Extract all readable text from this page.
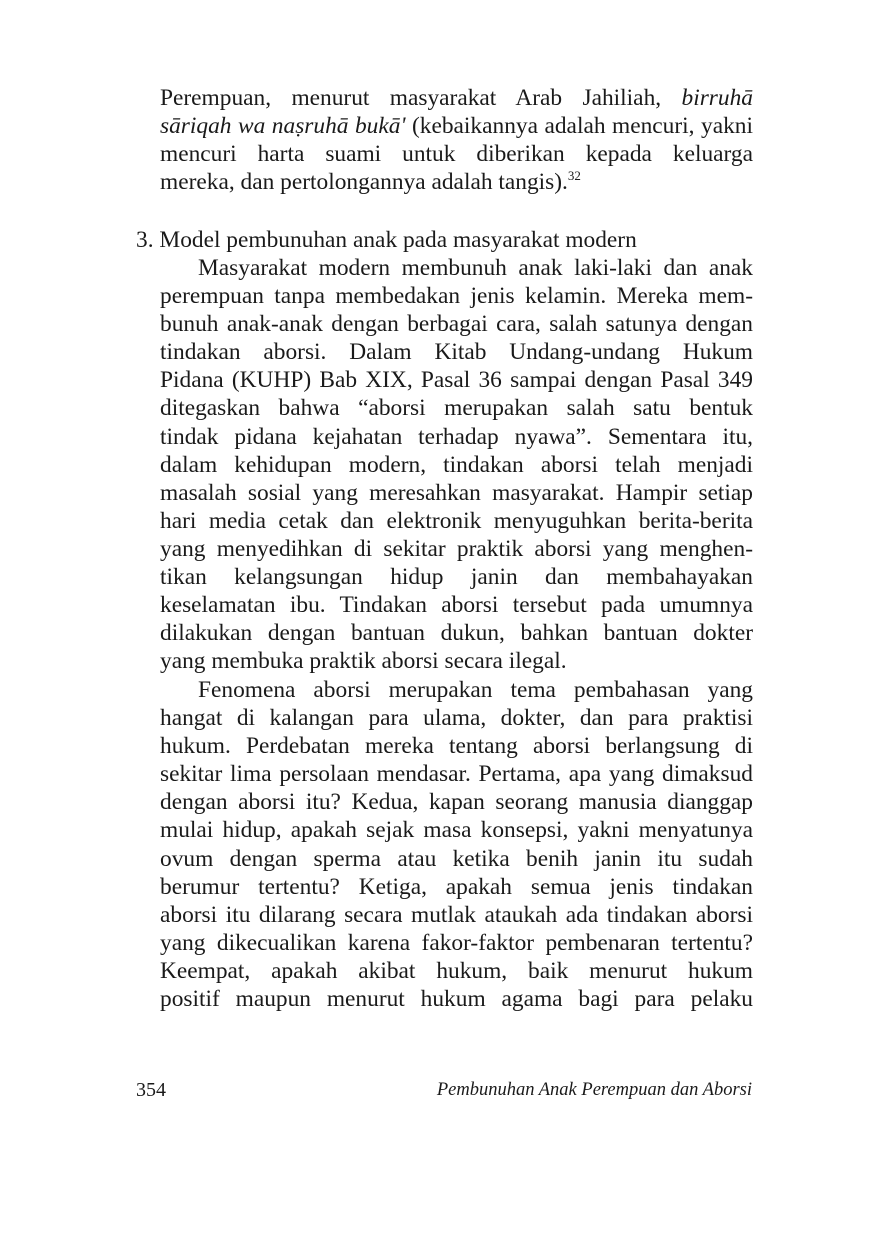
Perempuan, menurut masyarakat Arab Jahiliah, birruhā
sāriqah wa naṣruhā bukā' (kebaikannya adalah mencuri, yakni
mencuri harta suami untuk diberikan kepada keluarga
mereka, dan pertolongannya adalah tangis).$^{32}$
3. Model pembunuhan anak pada masyarakat modern
Masyarakat modern membunuh anak laki-laki dan anak
perempuan tanpa membedakan jenis kelamin. Mereka mem-
bunuh anak-anak dengan berbagai cara, salah satunya dengan
tindakan aborsi. Dalam Kitab Undang-undang Hukum
Pidana (KUHP) Bab XIX, Pasal 36 sampai dengan Pasal 349
ditegaskan bahwa “aborsi merupakan salah satu bentuk
tindak pidana kejahatan terhadap nyawa”. Sementara itu,
dalam kehidupan modern, tindakan aborsi telah menjadi
masalah sosial yang meresahkan masyarakat. Hampir setiap
hari media cetak dan elektronik menyuguhkan berita-berita
yang menyedihkan di sekitar praktik aborsi yang menghen-
tikan kelangsungan hidup janin dan membahayakan
keselamatan ibu. Tindakan aborsi tersebut pada umumnya
dilakukan dengan bantuan dukun, bahkan bantuan dokter
yang membuka praktik aborsi secara ilegal.
Fenomena aborsi merupakan tema pembahasan yang
hangat di kalangan para ulama, dokter, dan para praktisi
hukum. Perdebatan mereka tentang aborsi berlangsung di
sekitar lima persolaan mendasar. Pertama, apa yang dimaksud
dengan aborsi itu? Kedua, kapan seorang manusia dianggap
mulai hidup, apakah sejak masa konsepsi, yakni menyatunya
ovum dengan sperma atau ketika benih janin itu sudah
berumur tertentu? Ketiga, apakah semua jenis tindakan
aborsi itu dilarang secara mutlak ataukah ada tindakan aborsi
yang dikecualikan karena fakor-faktor pembenaran tertentu?
Keempat, apakah akibat hukum, baik menurut hukum
positif maupun menurut hukum agama bagi para pelaku
354	Pembunuhan Anak Perempuan dan Aborsi
